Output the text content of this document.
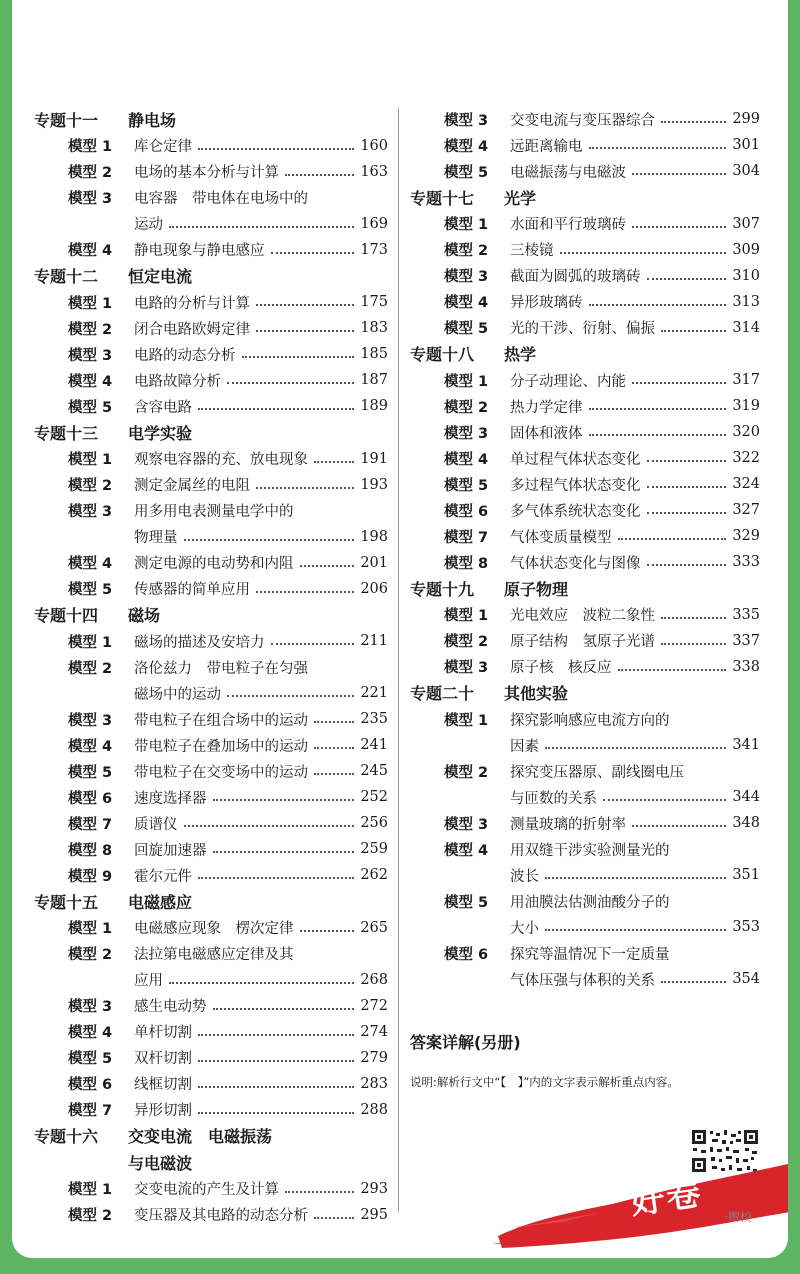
专题十一	静电场
模型 1	库仑定律	160
模型 2	电场的基本分析与计算	163
模型 3	电容器　带电体在电场中的
运动	169
模型 4	静电现象与静电感应	173
专题十二	恒定电流
模型 1	电路的分析与计算	175
模型 2	闭合电路欧姆定律	183
模型 3	电路的动态分析	185
模型 4	电路故障分析	187
模型 5	含容电路	189
专题十三	电学实验
模型 1	观察电容器的充、放电现象	191
模型 2	测定金属丝的电阻	193
模型 3	用多用电表测量电学中的
物理量	198
模型 4	测定电源的电动势和内阻	201
模型 5	传感器的简单应用	206
专题十四	磁场
模型 1	磁场的描述及安培力	211
模型 2	洛伦兹力　带电粒子在匀强
磁场中的运动	221
模型 3	带电粒子在组合场中的运动	235
模型 4	带电粒子在叠加场中的运动	241
模型 5	带电粒子在交变场中的运动	245
模型 6	速度选择器	252
模型 7	质谱仪	256
模型 8	回旋加速器	259
模型 9	霍尔元件	262
专题十五	电磁感应
模型 1	电磁感应现象　楞次定律	265
模型 2	法拉第电磁感应定律及其
应用	268
模型 3	感生电动势	272
模型 4	单杆切割	274
模型 5	双杆切割	279
模型 6	线框切割	283
模型 7	异形切割	288
专题十六	交变电流　电磁振荡
与电磁波
模型 1	交变电流的产生及计算	293
模型 2	变压器及其电路的动态分析	295
模型 3	交变电流与变压器综合	299
模型 4	远距离输电	301
模型 5	电磁振荡与电磁波	304
专题十七	光学
模型 1	水面和平行玻璃砖	307
模型 2	三棱镜	309
模型 3	截面为圆弧的玻璃砖	310
模型 4	异形玻璃砖	313
模型 5	光的干涉、衍射、偏振	314
专题十八	热学
模型 1	分子动理论、内能	317
模型 2	热力学定律	319
模型 3	固体和液体	320
模型 4	单过程气体状态变化	322
模型 5	多过程气体状态变化	324
模型 6	多气体系统状态变化	327
模型 7	气体变质量模型	329
模型 8	气体状态变化与图像	333
专题十九	原子物理
模型 1	光电效应　波粒二象性	335
模型 2	原子结构　氢原子光谱	337
模型 3	原子核　核反应	338
专题二十	其他实验
模型 1	探究影响感应电流方向的
因素	341
模型 2	探究变压器原、副线圈电压
与匝数的关系	344
模型 3	测量玻璃的折射率	348
模型 4	用双缝干涉实验测量光的
波长	351
模型 5	用油膜法估测油酸分子的
大小	353
模型 6	探究等温情况下一定质量
气体压强与体积的关系	354
答案详解(另册)
说明:解析行文中“【　】”内的文字表示解析重点内容。
好卷 ·赠校
